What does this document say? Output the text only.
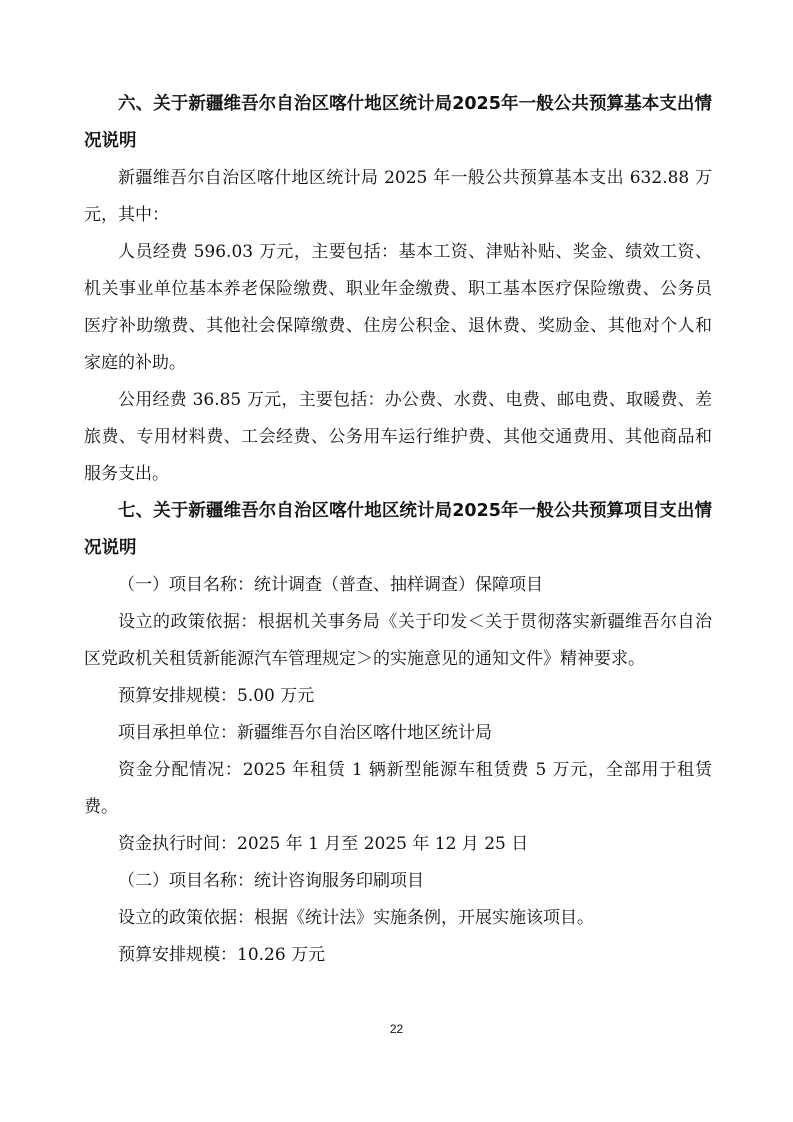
六、关于新疆维吾尔自治区喀什地区统计局2025年一般公共预算基本支出情况说明

新疆维吾尔自治区喀什地区统计局 2025 年一般公共预算基本支出 632.88 万元，其中：

人员经费 596.03 万元，主要包括：基本工资、津贴补贴、奖金、绩效工资、机关事业单位基本养老保险缴费、职业年金缴费、职工基本医疗保险缴费、公务员医疗补助缴费、其他社会保障缴费、住房公积金、退休费、奖励金、其他对个人和家庭的补助。

公用经费 36.85 万元，主要包括：办公费、水费、电费、邮电费、取暖费、差旅费、专用材料费、工会经费、公务用车运行维护费、其他交通费用、其他商品和服务支出。

七、关于新疆维吾尔自治区喀什地区统计局2025年一般公共预算项目支出情况说明

（一）项目名称：统计调查（普查、抽样调查）保障项目

设立的政策依据：根据机关事务局《关于印发＜关于贯彻落实新疆维吾尔自治区党政机关租赁新能源汽车管理规定＞的实施意见的通知文件》精神要求。

预算安排规模：5.00 万元

项目承担单位：新疆维吾尔自治区喀什地区统计局

资金分配情况：2025 年租赁 1 辆新型能源车租赁费 5 万元，全部用于租赁费。

资金执行时间：2025 年 1 月至 2025 年 12 月 25 日

（二）项目名称：统计咨询服务印刷项目

设立的政策依据：根据《统计法》实施条例，开展实施该项目。

预算安排规模：10.26 万元

22
